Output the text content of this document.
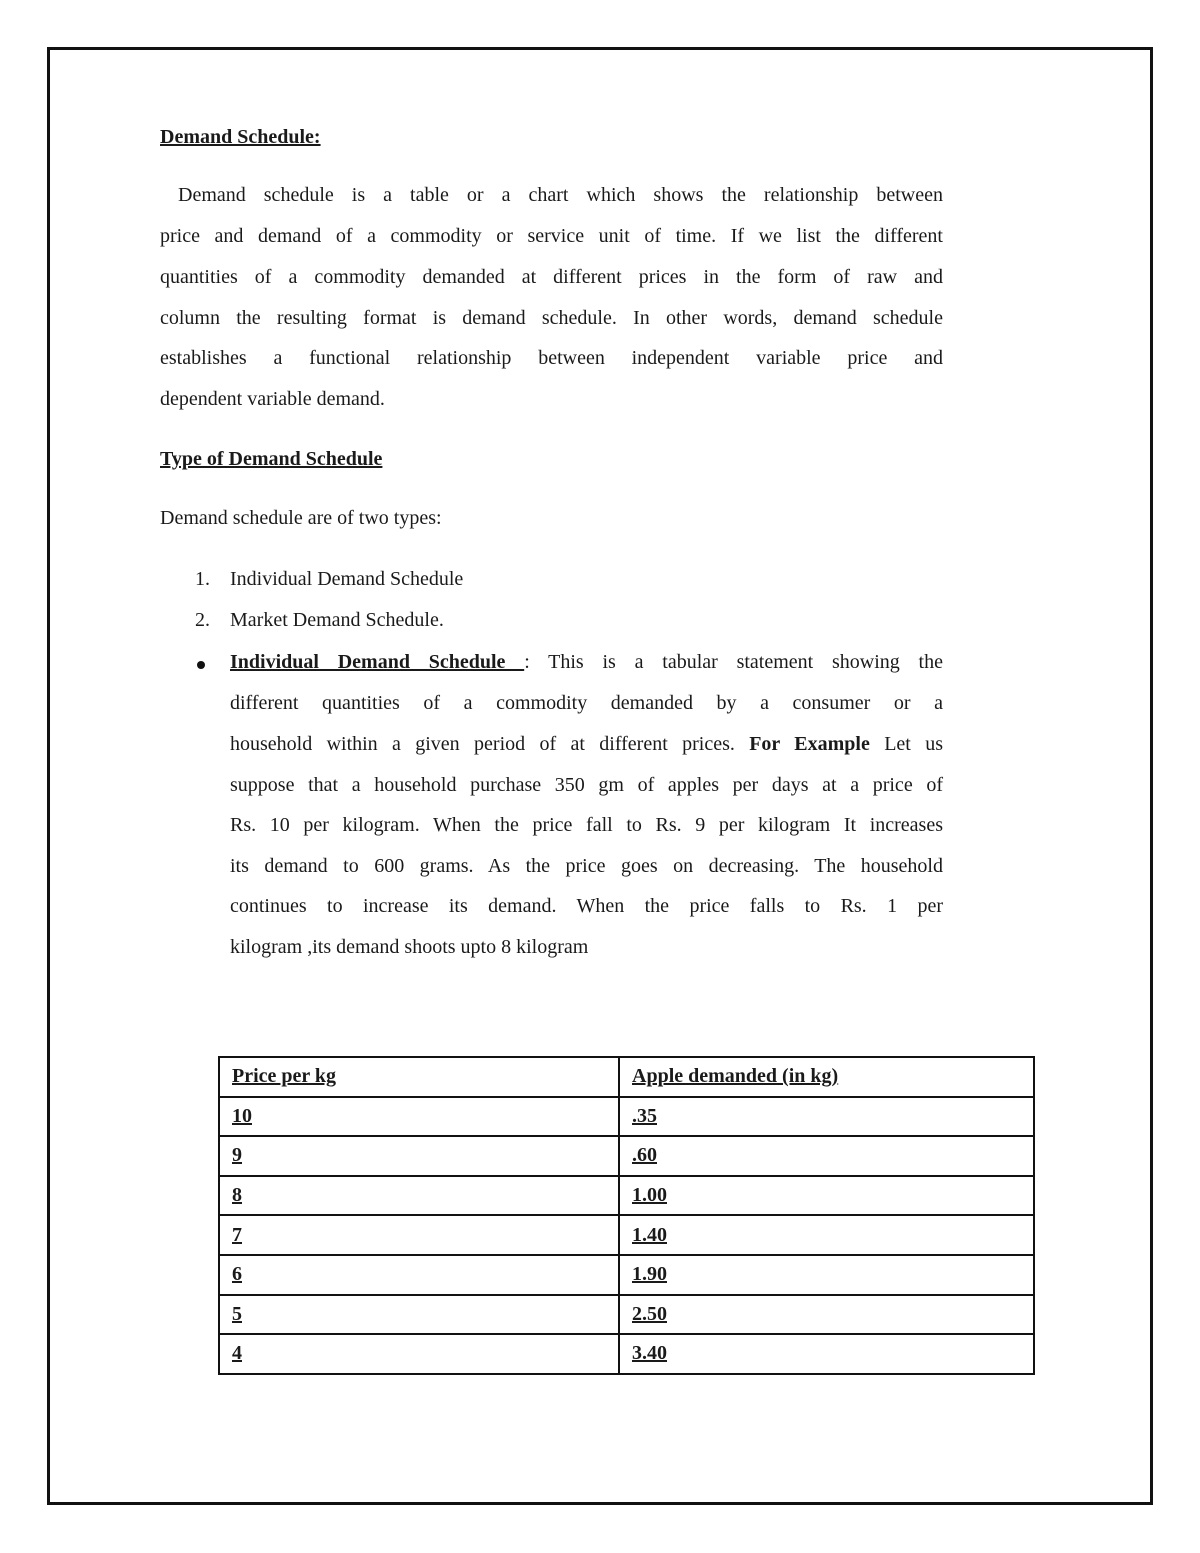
Demand Schedule:
Demand schedule is a table or a chart which shows the relationship between
price and demand of a commodity or service unit of time. If we list the different
quantities of a commodity demanded at different prices in the form of raw and
column the resulting format is demand schedule. In other words, demand schedule
establishes a functional relationship between independent variable price and
dependent variable demand.
Type of Demand Schedule
Demand schedule are of two types:
1. Individual Demand Schedule
2. Market Demand Schedule.
Individual Demand Schedule : This is a tabular statement showing the
different quantities of a commodity demanded by a consumer or a
household within a given period of at different prices. For Example Let us
suppose that a household purchase 350 gm of apples per days at a price of
Rs. 10 per kilogram. When the price fall to Rs. 9 per kilogram It increases
its demand to 600 grams. As the price goes on decreasing. The household
continues to increase its demand. When the price falls to Rs. 1 per
kilogram ,its demand shoots upto 8 kilogram
Price per kg	Apple demanded (in kg)
10	.35
9	.60
8	1.00
7	1.40
6	1.90
5	2.50
4	3.40
